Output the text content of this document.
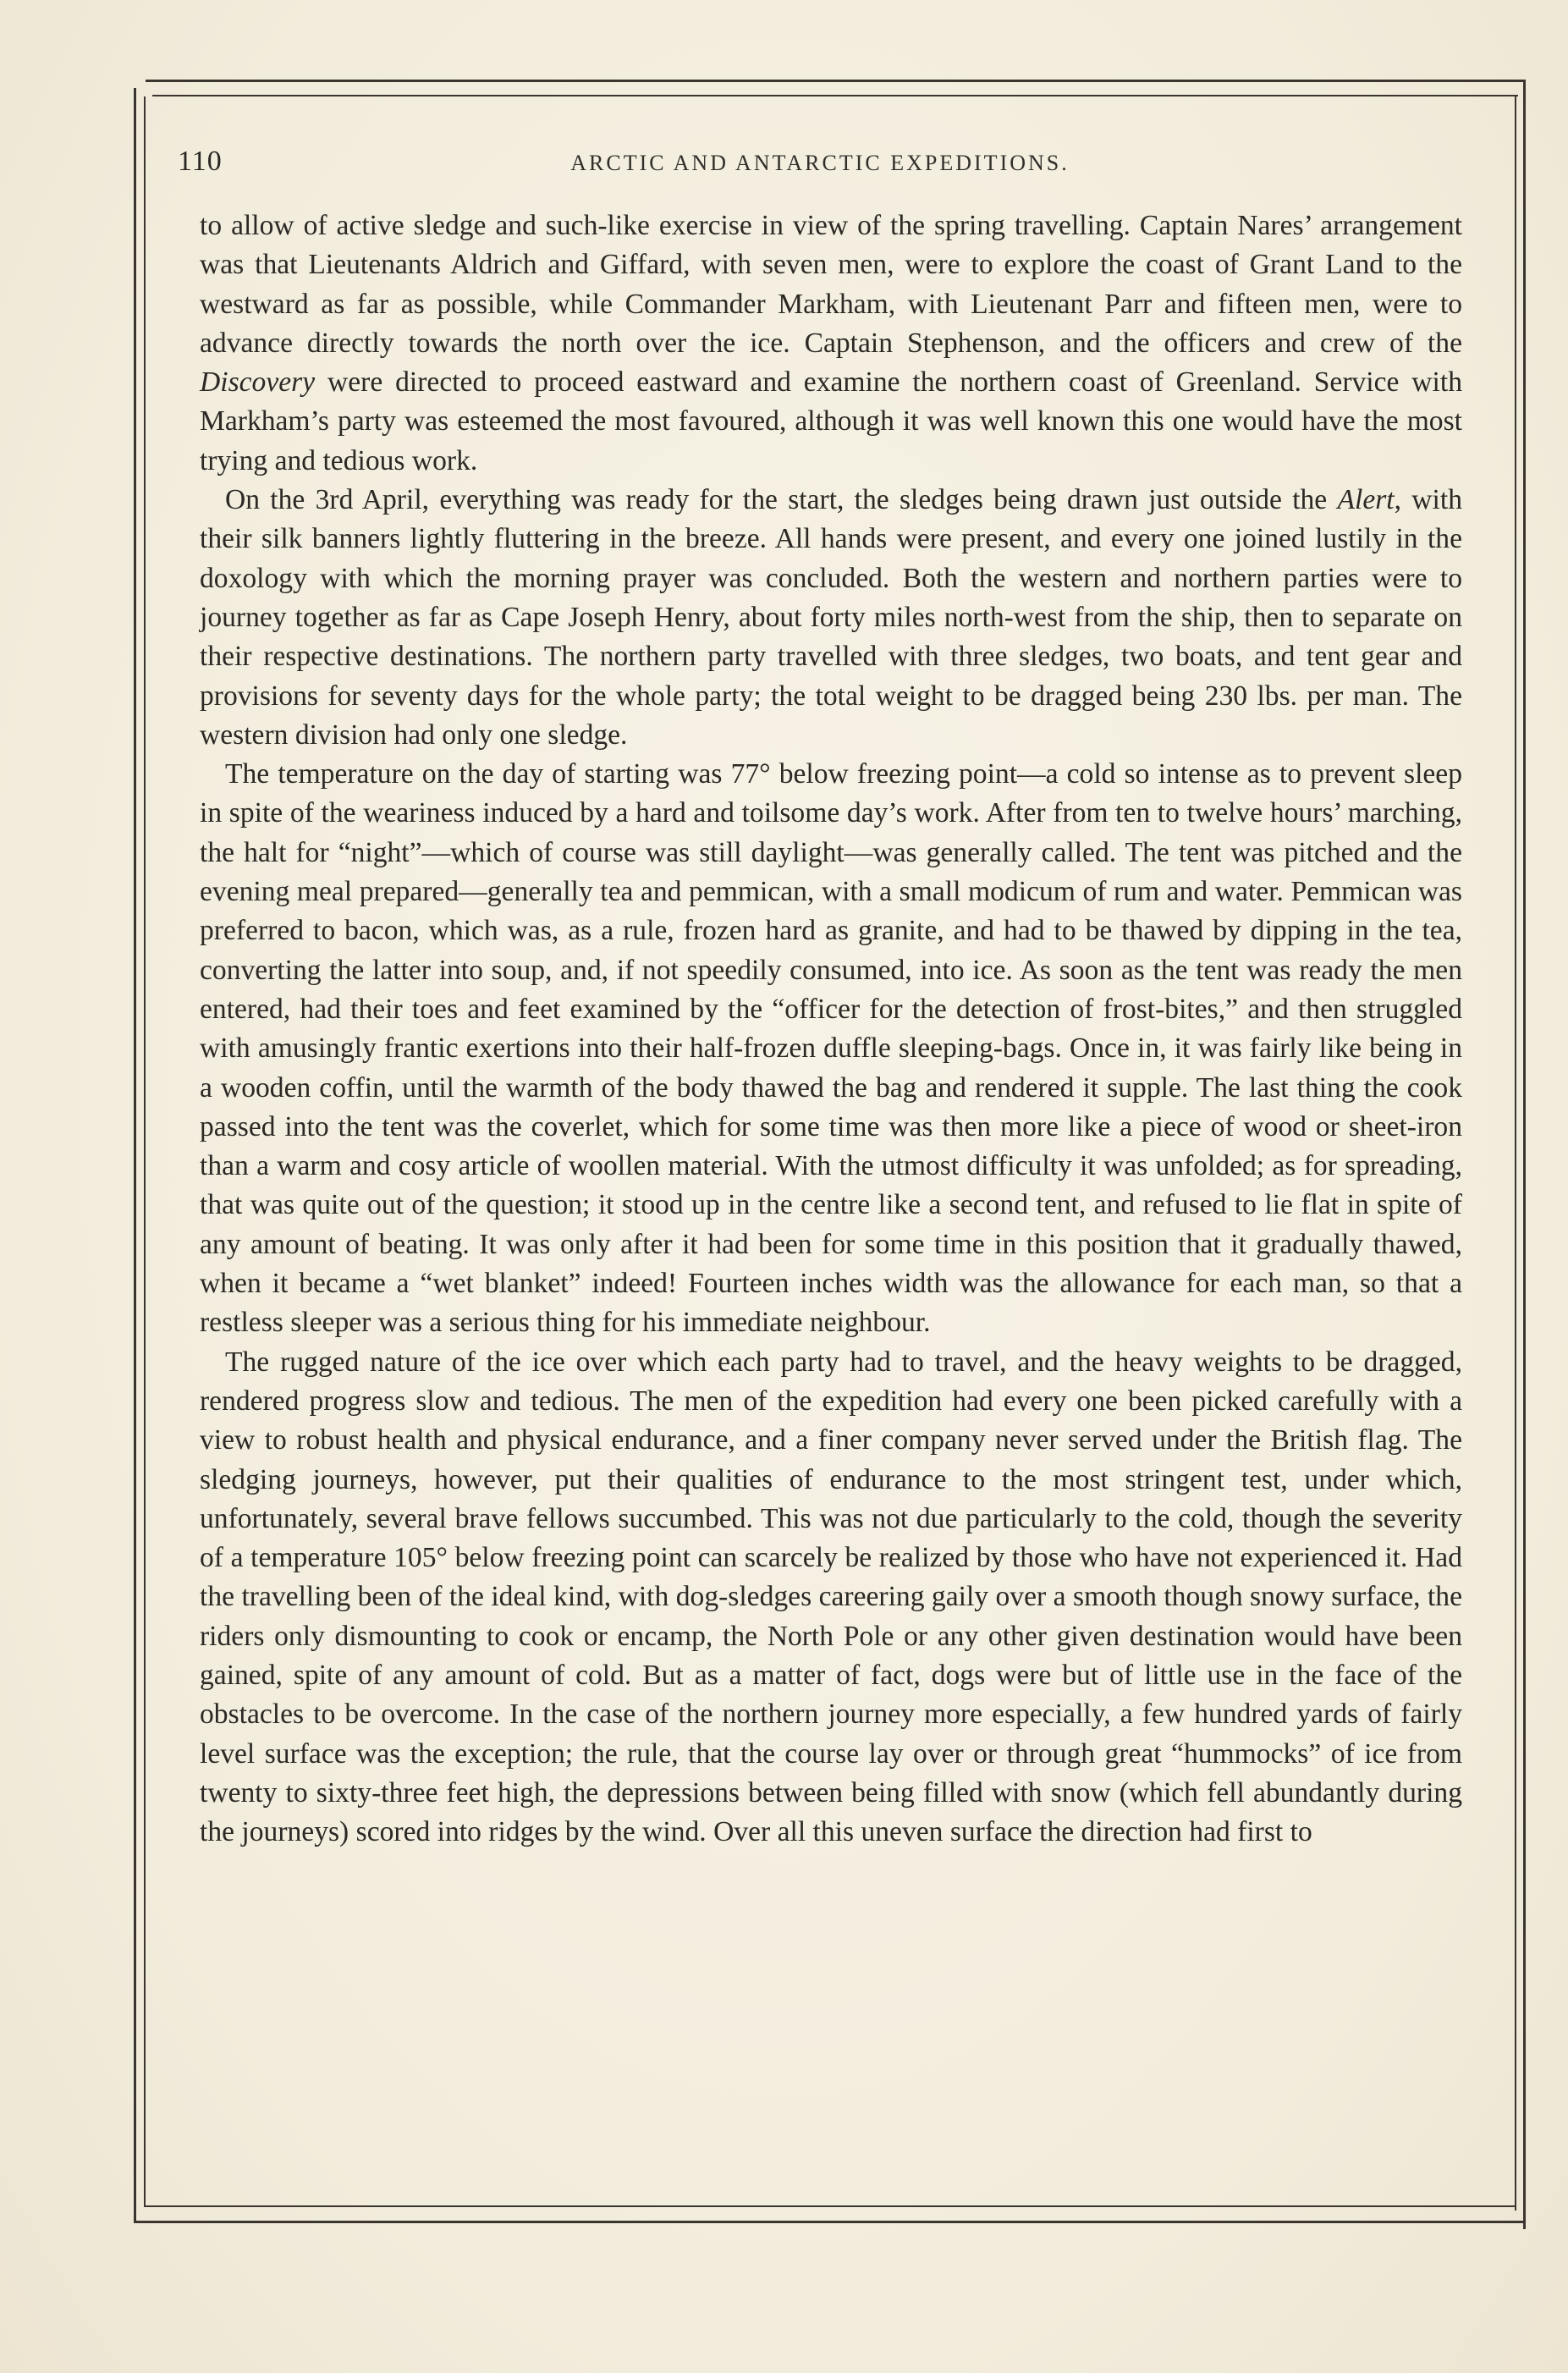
110	ARCTIC AND ANTARCTIC EXPEDITIONS.

to allow of active sledge and such-like exercise in view of the spring travelling. Captain Nares’ arrangement was that Lieutenants Aldrich and Giffard, with seven men, were to explore the coast of Grant Land to the westward as far as possible, while Commander Markham, with Lieutenant Parr and fifteen men, were to advance directly towards the north over the ice. Captain Stephenson, and the officers and crew of the Discovery were directed to proceed eastward and examine the northern coast of Greenland. Service with Markham’s party was esteemed the most favoured, although it was well known this one would have the most trying and tedious work.

On the 3rd April, everything was ready for the start, the sledges being drawn just outside the Alert, with their silk banners lightly fluttering in the breeze. All hands were present, and every one joined lustily in the doxology with which the morning prayer was concluded. Both the western and northern parties were to journey together as far as Cape Joseph Henry, about forty miles north-west from the ship, then to separate on their respective destinations. The northern party travelled with three sledges, two boats, and tent gear and provisions for seventy days for the whole party; the total weight to be dragged being 230 lbs. per man. The western division had only one sledge.

The temperature on the day of starting was 77° below freezing point—a cold so intense as to prevent sleep in spite of the weariness induced by a hard and toilsome day’s work. After from ten to twelve hours’ marching, the halt for “night”—which of course was still daylight—was generally called. The tent was pitched and the evening meal prepared—generally tea and pemmican, with a small modicum of rum and water. Pemmican was preferred to bacon, which was, as a rule, frozen hard as granite, and had to be thawed by dipping in the tea, converting the latter into soup, and, if not speedily consumed, into ice. As soon as the tent was ready the men entered, had their toes and feet examined by the “officer for the detection of frost-bites,” and then struggled with amusingly frantic exertions into their half-frozen duffle sleeping-bags. Once in, it was fairly like being in a wooden coffin, until the warmth of the body thawed the bag and rendered it supple. The last thing the cook passed into the tent was the coverlet, which for some time was then more like a piece of wood or sheet-iron than a warm and cosy article of woollen material. With the utmost difficulty it was unfolded; as for spreading, that was quite out of the question; it stood up in the centre like a second tent, and refused to lie flat in spite of any amount of beating. It was only after it had been for some time in this position that it gradually thawed, when it became a “wet blanket” indeed! Fourteen inches width was the allowance for each man, so that a restless sleeper was a serious thing for his immediate neighbour.

The rugged nature of the ice over which each party had to travel, and the heavy weights to be dragged, rendered progress slow and tedious. The men of the expedition had every one been picked carefully with a view to robust health and physical endurance, and a finer company never served under the British flag. The sledging journeys, however, put their qualities of endurance to the most stringent test, under which, unfortunately, several brave fellows succumbed. This was not due particularly to the cold, though the severity of a temperature 105° below freezing point can scarcely be realized by those who have not experienced it. Had the travelling been of the ideal kind, with dog-sledges careering gaily over a smooth though snowy surface, the riders only dismounting to cook or encamp, the North Pole or any other given destination would have been gained, spite of any amount of cold. But as a matter of fact, dogs were but of little use in the face of the obstacles to be overcome. In the case of the northern journey more especially, a few hundred yards of fairly level surface was the exception; the rule, that the course lay over or through great “hummocks” of ice from twenty to sixty-three feet high, the depressions between being filled with snow (which fell abundantly during the journeys) scored into ridges by the wind. Over all this uneven surface the direction had first to
